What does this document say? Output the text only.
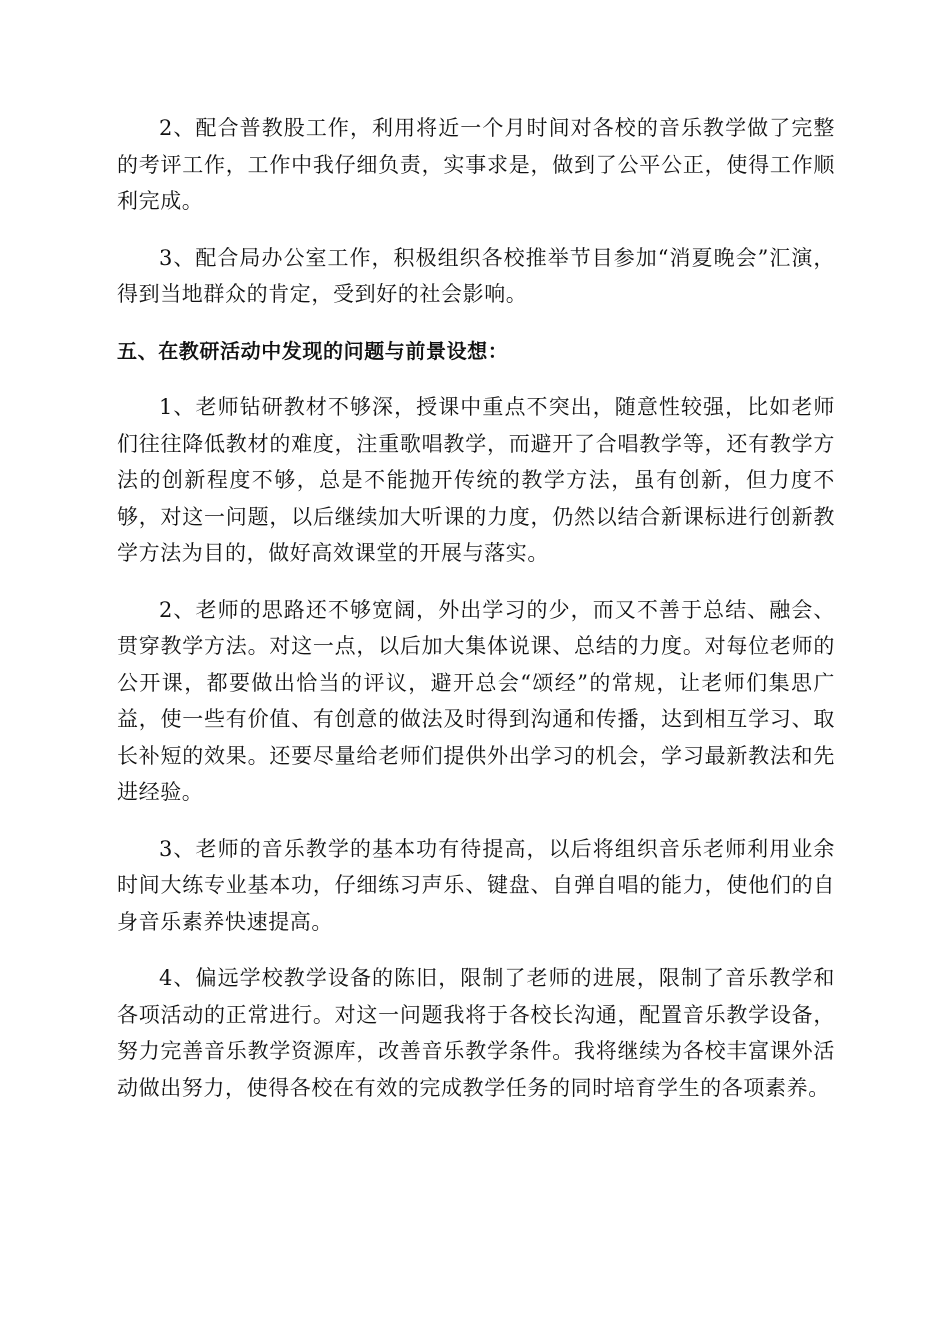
2、配合普教股工作，利用将近一个月时间对各校的音乐教学做了完整的考评工作，工作中我仔细负责，实事求是，做到了公平公正，使得工作顺利完成。

3、配合局办公室工作，积极组织各校推举节目参加“消夏晚会”汇演，得到当地群众的肯定，受到好的社会影响。

五、在教研活动中发现的问题与前景设想：

1、老师钻研教材不够深，授课中重点不突出，随意性较强，比如老师们往往降低教材的难度，注重歌唱教学，而避开了合唱教学等，还有教学方法的创新程度不够，总是不能抛开传统的教学方法，虽有创新，但力度不够，对这一问题，以后继续加大听课的力度，仍然以结合新课标进行创新教学方法为目的，做好高效课堂的开展与落实。

2、老师的思路还不够宽阔，外出学习的少，而又不善于总结、融会、贯穿教学方法。对这一点，以后加大集体说课、总结的力度。对每位老师的公开课，都要做出恰当的评议，避开总会“颂经”的常规，让老师们集思广益，使一些有价值、有创意的做法及时得到沟通和传播，达到相互学习、取长补短的效果。还要尽量给老师们提供外出学习的机会，学习最新教法和先进经验。

3、老师的音乐教学的基本功有待提高，以后将组织音乐老师利用业余时间大练专业基本功，仔细练习声乐、键盘、自弹自唱的能力，使他们的自身音乐素养快速提高。

4、偏远学校教学设备的陈旧，限制了老师的进展，限制了音乐教学和各项活动的正常进行。对这一问题我将于各校长沟通，配置音乐教学设备，努力完善音乐教学资源库，改善音乐教学条件。我将继续为各校丰富课外活动做出努力，使得各校在有效的完成教学任务的同时培育学生的各项素养。
